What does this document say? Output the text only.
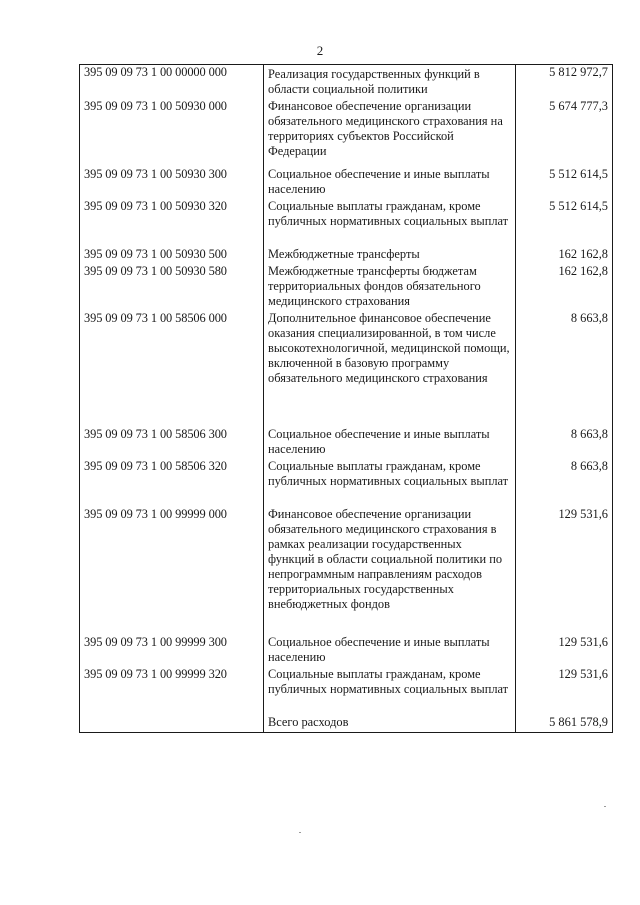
2
395 09 09 73 1 00 00000 000	Реализация государственных функций в области социальной политики	5 812 972,7
395 09 09 73 1 00 50930 000	Финансовое обеспечение организации обязательного медицинского страхования на территориях субъектов Российской Федерации	5 674 777,3
395 09 09 73 1 00 50930 300	Социальное обеспечение и иные выплаты населению	5 512 614,5
395 09 09 73 1 00 50930 320	Социальные выплаты гражданам, кроме публичных нормативных социальных выплат	5 512 614,5
395 09 09 73 1 00 50930 500	Межбюджетные трансферты	162 162,8
395 09 09 73 1 00 50930 580	Межбюджетные трансферты бюджетам территориальных фондов обязательного медицинского страхования	162 162,8
395 09 09 73 1 00 58506 000	Дополнительное финансовое обеспечение оказания специализированной, в том числе высокотехнологичной, медицинской помощи, включенной в базовую программу обязательного медицинского страхования	8 663,8
395 09 09 73 1 00 58506 300	Социальное обеспечение и иные выплаты населению	8 663,8
395 09 09 73 1 00 58506 320	Социальные выплаты гражданам, кроме публичных нормативных социальных выплат	8 663,8
395 09 09 73 1 00 99999 000	Финансовое обеспечение организации обязательного медицинского страхования в рамках реализации государственных функций в области социальной политики по непрограммным направлениям расходов территориальных государственных внебюджетных фондов	129 531,6
395 09 09 73 1 00 99999 300	Социальное обеспечение и иные выплаты населению	129 531,6
395 09 09 73 1 00 99999 320	Социальные выплаты гражданам, кроме публичных нормативных социальных выплат	129 531,6
	Всего расходов	5 861 578,9
